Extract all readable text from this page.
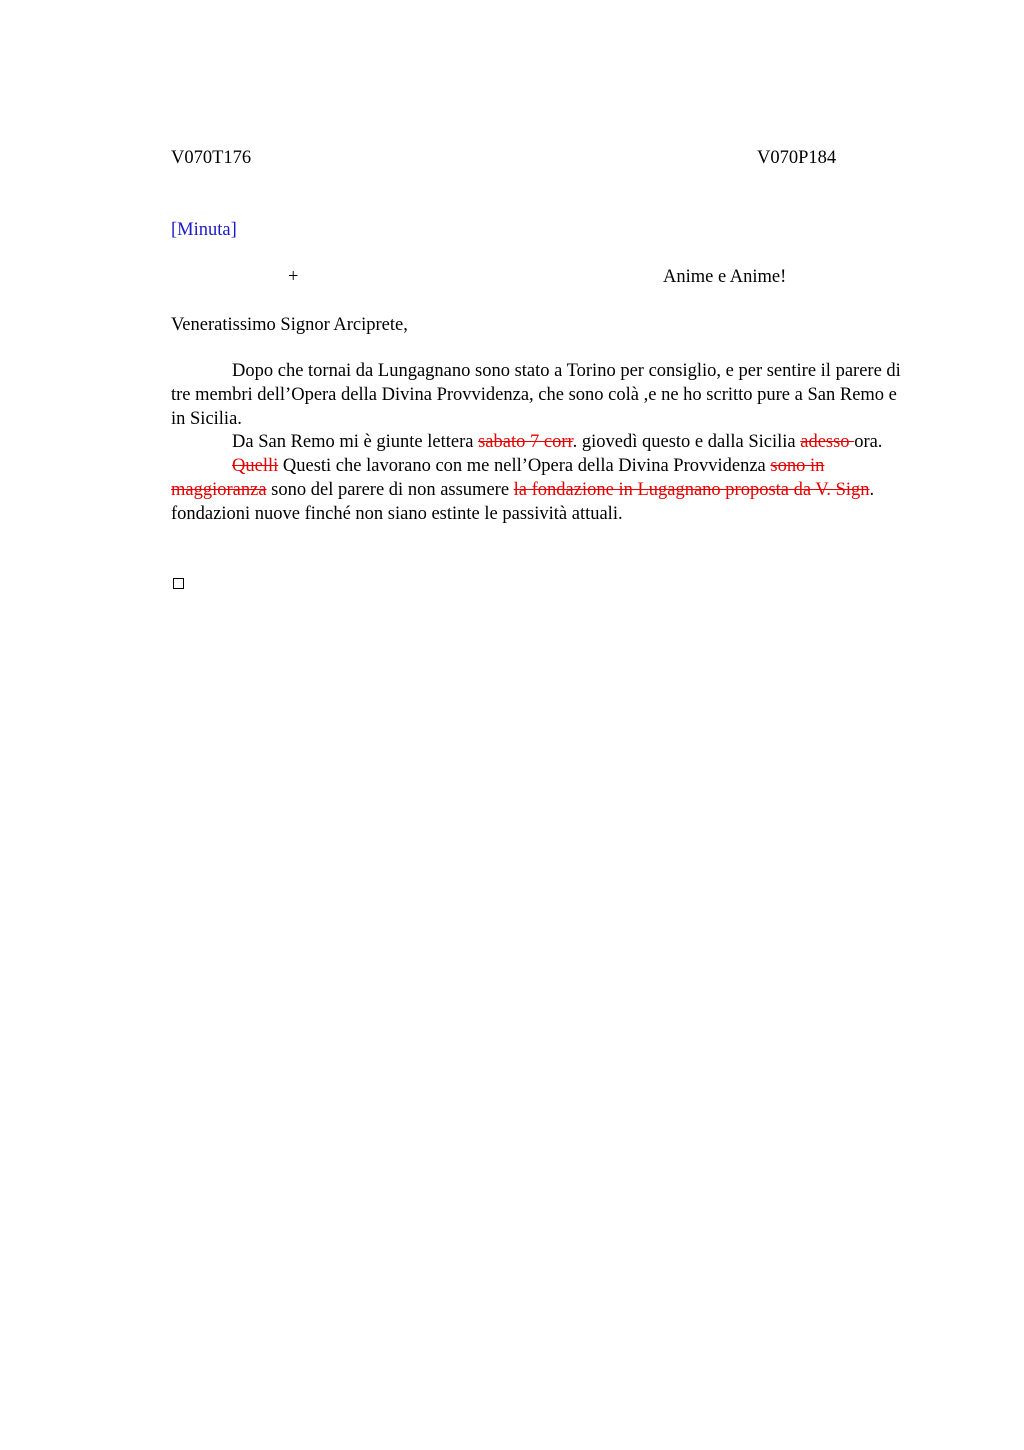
V070T176	V070P184
[Minuta]
+	Anime e Anime!
Veneratissimo Signor Arciprete,

Dopo che tornai da Lungagnano sono stato a Torino per consiglio, e per sentire il parere di tre membri dell’Opera della Divina Provvidenza, che sono colà ,e ne ho scritto pure a San Remo e in Sicilia.

Da San Remo mi è giunte lettera sabato 7 corr. giovedì questo e dalla Sicilia adesso ora.

Quelli Questi che lavorano con me nell’Opera della Divina Provvidenza sono in maggioranza sono del parere di non assumere la fondazione in Lugagnano proposta da V. Sign. fondazioni nuove finché non siano estinte le passività attuali.
